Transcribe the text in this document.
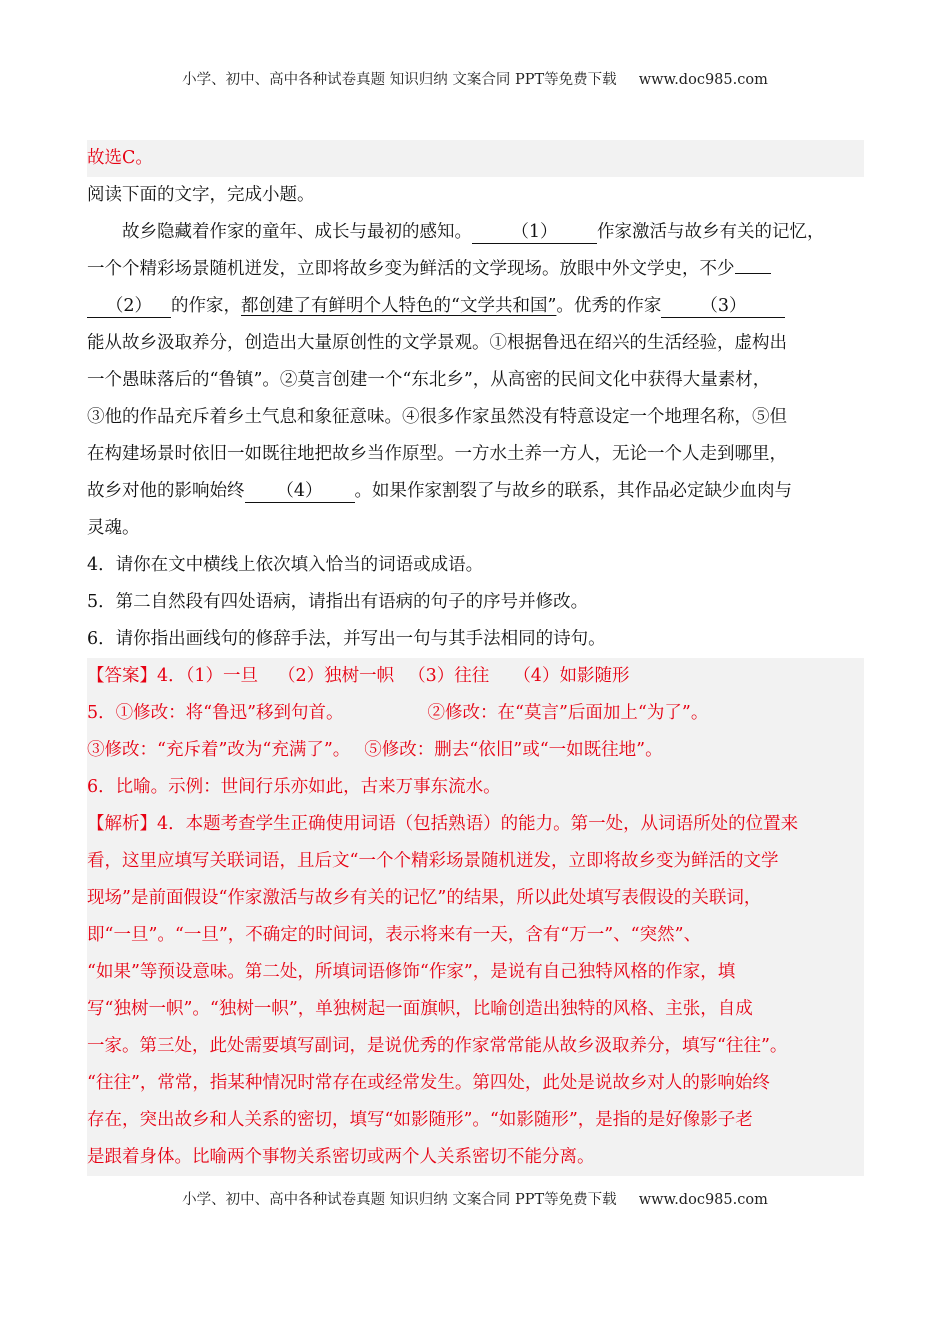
小学、初中、高中各种试卷真题 知识归纳 文案合同 PPT等免费下载 www.doc985.com
故选C。
阅读下面的文字，完成小题。
故乡隐藏着作家的童年、成长与最初的感知。 （1） 作家激活与故乡有关的记忆，
一个个精彩场景随机迸发，立即将故乡变为鲜活的文学现场。放眼中外文学史，不少
（2） 的作家，都创建了有鲜明个人特色的“文学共和国”。优秀的作家 （3）
能从故乡汲取养分，创造出大量原创性的文学景观。①根据鲁迅在绍兴的生活经验，虚构出
一个愚昧落后的“鲁镇”。②莫言创建一个“东北乡”，从高密的民间文化中获得大量素材，
③他的作品充斥着乡土气息和象征意味。④很多作家虽然没有特意设定一个地理名称，⑤但
在构建场景时依旧一如既往地把故乡当作原型。一方水土养一方人，无论一个人走到哪里，
故乡对他的影响始终 （4） 。如果作家割裂了与故乡的联系，其作品必定缺少血肉与
灵魂。
4．请你在文中横线上依次填入恰当的词语或成语。
5．第二自然段有四处语病，请指出有语病的句子的序号并修改。
6．请你指出画线句的修辞手法，并写出一句与其手法相同的诗句。
【答案】4．（1）一旦 （2）独树一帜 （3）往往 （4）如影随形
5．①修改：将“鲁迅”移到句首。	②修改：在“莫言”后面加上“为了”。
③修改：“充斥着”改为“充满了”。 ⑤修改：删去“依旧”或“一如既往地”。
6．比喻。示例：世间行乐亦如此，古来万事东流水。
【解析】4．本题考查学生正确使用词语（包括熟语）的能力。第一处，从词语所处的位置来
看，这里应填写关联词语，且后文“一个个精彩场景随机迸发，立即将故乡变为鲜活的文学
现场”是前面假设“作家激活与故乡有关的记忆”的结果，所以此处填写表假设的关联词，
即“一旦”。“一旦”，不确定的时间词，表示将来有一天，含有“万一”、“突然”、
“如果”等预设意味。第二处，所填词语修饰“作家”，是说有自己独特风格的作家，填
写“独树一帜”。“独树一帜”，单独树起一面旗帜，比喻创造出独特的风格、主张，自成
一家。第三处，此处需要填写副词，是说优秀的作家常常能从故乡汲取养分，填写“往往”。
“往往”，常常，指某种情况时常存在或经常发生。第四处，此处是说故乡对人的影响始终
存在，突出故乡和人关系的密切，填写“如影随形”。“如影随形”，是指的是好像影子老
是跟着身体。比喻两个事物关系密切或两个人关系密切不能分离。
小学、初中、高中各种试卷真题 知识归纳 文案合同 PPT等免费下载 www.doc985.com
